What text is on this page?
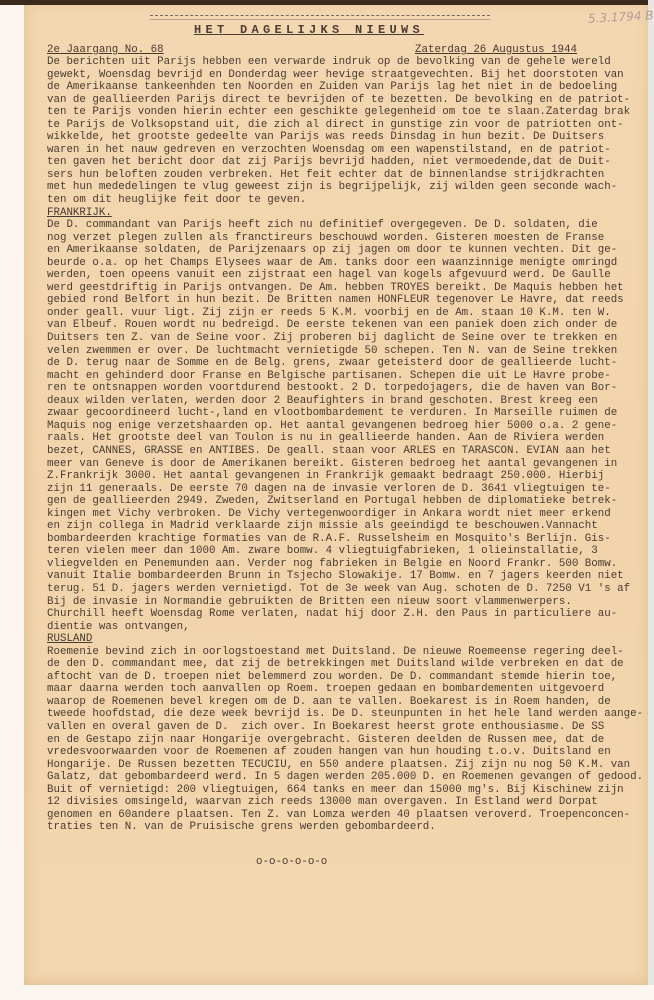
HET DAGELIJKS NIEUWS
5.3.1794 B
2e Jaargang No. 68	Zaterdag 26 Augustus 1944
De berichten uit Parijs hebben een verwarde indruk op de bevolking van de gehele wereld
gewekt, Woensdag bevrijd en Donderdag weer hevige straatgevechten. Bij het doorstoten van
de Amerikaanse tankeenhden ten Noorden en Zuiden van Parijs lag het niet in de bedoeling
van de geallieerden Parijs direct te bevrijden of te bezetten. De bevolking en de patriot-
ten te Parijs vonden hierin echter een geschikte gelegenheid om toe te slaan.Zaterdag brak
te Parijs de Volksopstand uit, die zich al direct in gunstige zin voor de patriotten ont-
wikkelde, het grootste gedeelte van Parijs was reeds Dinsdag in hun bezit. De Duitsers
waren in het nauw gedreven en verzochten Woensdag om een wapenstilstand, en de patriot-
ten gaven het bericht door dat zij Parijs bevrijd hadden, niet vermoedende,dat de Duit-
sers hun beloften zouden verbreken. Het feit echter dat de binnenlandse strijdkrachten
met hun mededelingen te vlug geweest zijn is begrijpelijk, zij wilden geen seconde wach-
ten om dit heuglijke feit door te geven.
FRANKRIJK.
De D. commandant van Parijs heeft zich nu definitief overgegeven. De D. soldaten, die
nog verzet plegen zullen als franctireurs beschouwd worden. Gisteren moesten de Franse
en Amerikaanse soldaten, de Parijzenaars op zij jagen om door te kunnen vechten. Dit ge-
beurde o.a. op het Champs Elysees waar de Am. tanks door een waanzinnige menigte omringd
werden, toen opeens vanuit een zijstraat een hagel van kogels afgevuurd werd. De Gaulle
werd geestdriftig in Parijs ontvangen. De Am. hebben TROYES bereikt. De Maquis hebben het
gebied rond Belfort in hun bezit. De Britten namen HONFLEUR tegenover Le Havre, dat reeds
onder geall. vuur ligt. Zij zijn er reeds 5 K.M. voorbij en de Am. staan 10 K.M. ten W.
van Elbeuf. Rouen wordt nu bedreigd. De eerste tekenen van een paniek doen zich onder de
Duitsers ten Z. van de Seine voor. Zij proberen bij daglicht de Seine over te trekken en
velen zwemmen er over. De luchtmacht vernietigde 50 schepen. Ten N. van de Seine trekken
de D. terug naar de Somme en de Belg. grens, zwaar geteisterd door de geallieerde lucht-
macht en gehinderd door Franse en Belgische partisanen. Schepen die uit Le Havre probe-
ren te ontsnappen worden voortdurend bestookt. 2 D. torpedojagers, die de haven van Bor-
deaux wilden verlaten, werden door 2 Beaufighters in brand geschoten. Brest kreeg een
zwaar gecoordineerd lucht-,land en vlootbombardement te verduren. In Marseille ruimen de
Maquis nog enige verzetshaarden op. Het aantal gevangenen bedroeg hier 5000 o.a. 2 gene-
raals. Het grootste deel van Toulon is nu in geallieerde handen. Aan de Riviera werden
bezet, CANNES, GRASSE en ANTIBES. De geall. staan voor ARLES en TARASCON. EVIAN aan het
meer van Geneve is door de Amerikanen bereikt. Gisteren bedroeg het aantal gevangenen in
Z.Frankrijk 3000. Het aantal gevangenen in Frankrijk gemaakt bedraagt 250.000. Hierbij
zijn 11 generaals. De eerste 70 dagen na de invasie verloren de D. 3641 vliegtuigen te-
gen de geallieerden 2949. Zweden, Zwitserland en Portugal hebben de diplomatieke betrek-
kingen met Vichy verbroken. De Vichy vertegenwoordiger in Ankara wordt niet meer erkend
en zijn collega in Madrid verklaarde zijn missie als geeindigd te beschouwen.Vannacht
bombardeerden krachtige formaties van de R.A.F. Russelsheim en Mosquito's Berlijn. Gis-
teren vielen meer dan 1000 Am. zware bomw. 4 vliegtuigfabrieken, 1 olieinstallatie, 3
vliegvelden en Penemunden aan. Verder nog fabrieken in Belgie en Noord Frankr. 500 Bomw.
vanuit Italie bombardeerden Brunn in Tsjecho Slowakije. 17 Bomw. en 7 jagers keerden niet
terug. 51 D. jagers werden vernietigd. Tot de 3e week van Aug. schoten de D. 7250 V1 's af
Bij de invasie in Normandie gebruikten de Britten een nieuw soort vlammenwerpers.
Churchill heeft Woensdag Rome verlaten, nadat hij door Z.H. den Paus in particuliere au-
dientie was ontvangen,
RUSLAND
Roemenie bevind zich in oorlogstoestand met Duitsland. De nieuwe Roemeense regering deel-
de den D. commandant mee, dat zij de betrekkingen met Duitsland wilde verbreken en dat de
aftocht van de D. troepen niet belemmerd zou worden. De D. commandant stemde hierin toe,
maar daarna werden toch aanvallen op Roem. troepen gedaan en bombardementen uitgevoerd
waarop de Roemenen bevel kregen om de D. aan te vallen. Boekarest is in Roem handen, de
tweede hoofdstad, die deze week bevrijd is. De D. steunpunten in het hele land werden aange-
vallen en overal gaven de D.  zich over. In Boekarest heerst grote enthousiasme. De SS
en de Gestapo zijn naar Hongarije overgebracht. Gisteren deelden de Russen mee, dat de
vredesvoorwaarden voor de Roemenen af zouden hangen van hun houding t.o.v. Duitsland en
Hongarije. De Russen bezetten TECUCIU, en 550 andere plaatsen. Zij zijn nu nog 50 K.M. van
Galatz, dat gebombardeerd werd. In 5 dagen werden 205.000 D. en Roemenen gevangen of gedood.
Buit of vernietigd: 200 vliegtuigen, 664 tanks en meer dan 15000 mg's. Bij Kischinew zijn
12 divisies omsingeld, waarvan zich reeds 13000 man overgaven. In Estland werd Dorpat
genomen en 60andere plaatsen. Ten Z. van Lomza werden 40 plaatsen veroverd. Troepenconcen-
traties ten N. van de Pruisische grens werden gebombardeerd.
o-o-o-o-o-o
